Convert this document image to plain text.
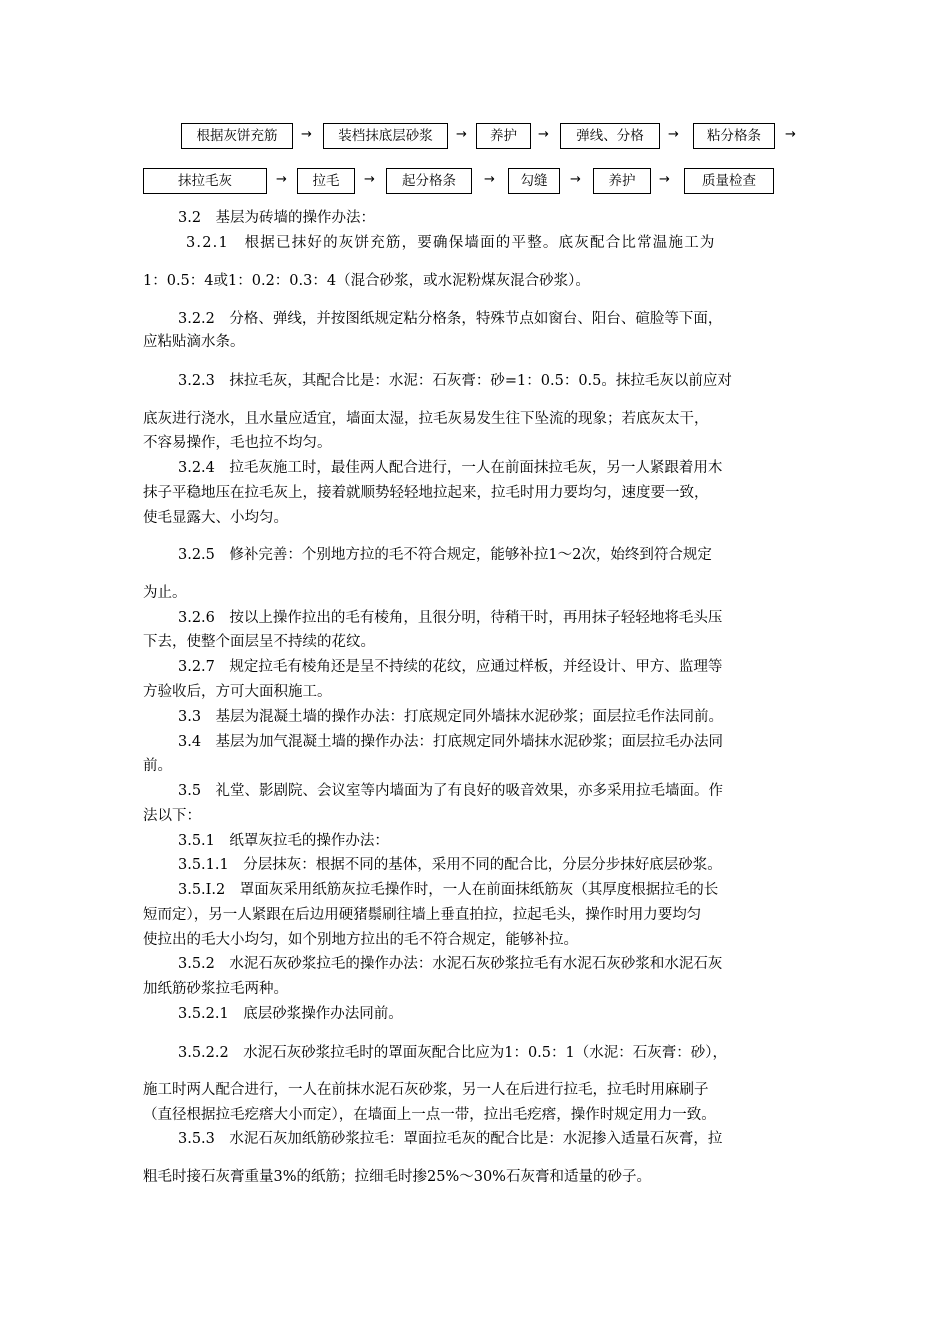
根据灰饼充筋	→	装档抹底层砂浆	→	养护	→	弹线、分格	→	粘分格条	→
抹拉毛灰	→	拉毛	→	起分格条	→	勾缝	→	养护	→	质量检查
3.2　基层为砖墙的操作办法：
3.2.1　根据已抹好的灰饼充筋，要确保墙面的平整。底灰配合比常温施工为
1：0.5：4或1：0.2：0.3：4（混合砂浆，或水泥粉煤灰混合砂浆）。
3.2.2　分格、弹线，并按图纸规定粘分格条，特殊节点如窗台、阳台、碹脸等下面，
应粘贴滴水条。
3.2.3　抹拉毛灰，其配合比是：水泥：石灰膏：砂=1：0.5：0.5。抹拉毛灰以前应对
底灰进行浇水，且水量应适宜，墙面太湿，拉毛灰易发生往下坠流的现象；若底灰太干，
不容易操作，毛也拉不均匀。
3.2.4　拉毛灰施工时，最佳两人配合进行，一人在前面抹拉毛灰，另一人紧跟着用木
抹子平稳地压在拉毛灰上，接着就顺势轻轻地拉起来，拉毛时用力要均匀，速度要一致，
使毛显露大、小均匀。
3.2.5　修补完善：个别地方拉的毛不符合规定，能够补拉1～2次，始终到符合规定
为止。
3.2.6　按以上操作拉出的毛有棱角，且很分明，待稍干时，再用抹子轻轻地将毛头压
下去，使整个面层呈不持续的花纹。
3.2.7　规定拉毛有棱角还是呈不持续的花纹，应通过样板，并经设计、甲方、监理等
方验收后，方可大面积施工。
3.3　基层为混凝土墙的操作办法：打底规定同外墙抹水泥砂浆；面层拉毛作法同前。
3.4　基层为加气混凝土墙的操作办法：打底规定同外墙抹水泥砂浆；面层拉毛办法同
前。
3.5　礼堂、影剧院、会议室等内墙面为了有良好的吸音效果，亦多采用拉毛墙面。作
法以下：
3.5.1　纸罩灰拉毛的操作办法：
3.5.1.1　分层抹灰：根据不同的基体，采用不同的配合比，分层分步抹好底层砂浆。
3.5.I.2　罩面灰采用纸筋灰拉毛操作时，一人在前面抹纸筋灰（其厚度根据拉毛的长
短而定），另一人紧跟在后边用硬猪鬃刷往墙上垂直拍拉，拉起毛头，操作时用力要均匀
使拉出的毛大小均匀，如个别地方拉出的毛不符合规定，能够补拉。
3.5.2　水泥石灰砂浆拉毛的操作办法：水泥石灰砂浆拉毛有水泥石灰砂浆和水泥石灰
加纸筋砂浆拉毛两种。
3.5.2.1　底层砂浆操作办法同前。
3.5.2.2　水泥石灰砂浆拉毛时的罩面灰配合比应为1：0.5：1（水泥：石灰膏：砂），
施工时两人配合进行，一人在前抹水泥石灰砂浆，另一人在后进行拉毛，拉毛时用麻刷子
（直径根据拉毛疙瘩大小而定），在墙面上一点一带，拉出毛疙瘩，操作时规定用力一致。
3.5.3　水泥石灰加纸筋砂浆拉毛：罩面拉毛灰的配合比是：水泥掺入适量石灰膏，拉
粗毛时接石灰膏重量3%的纸筋；拉细毛时掺25%～30%石灰膏和适量的砂子。
